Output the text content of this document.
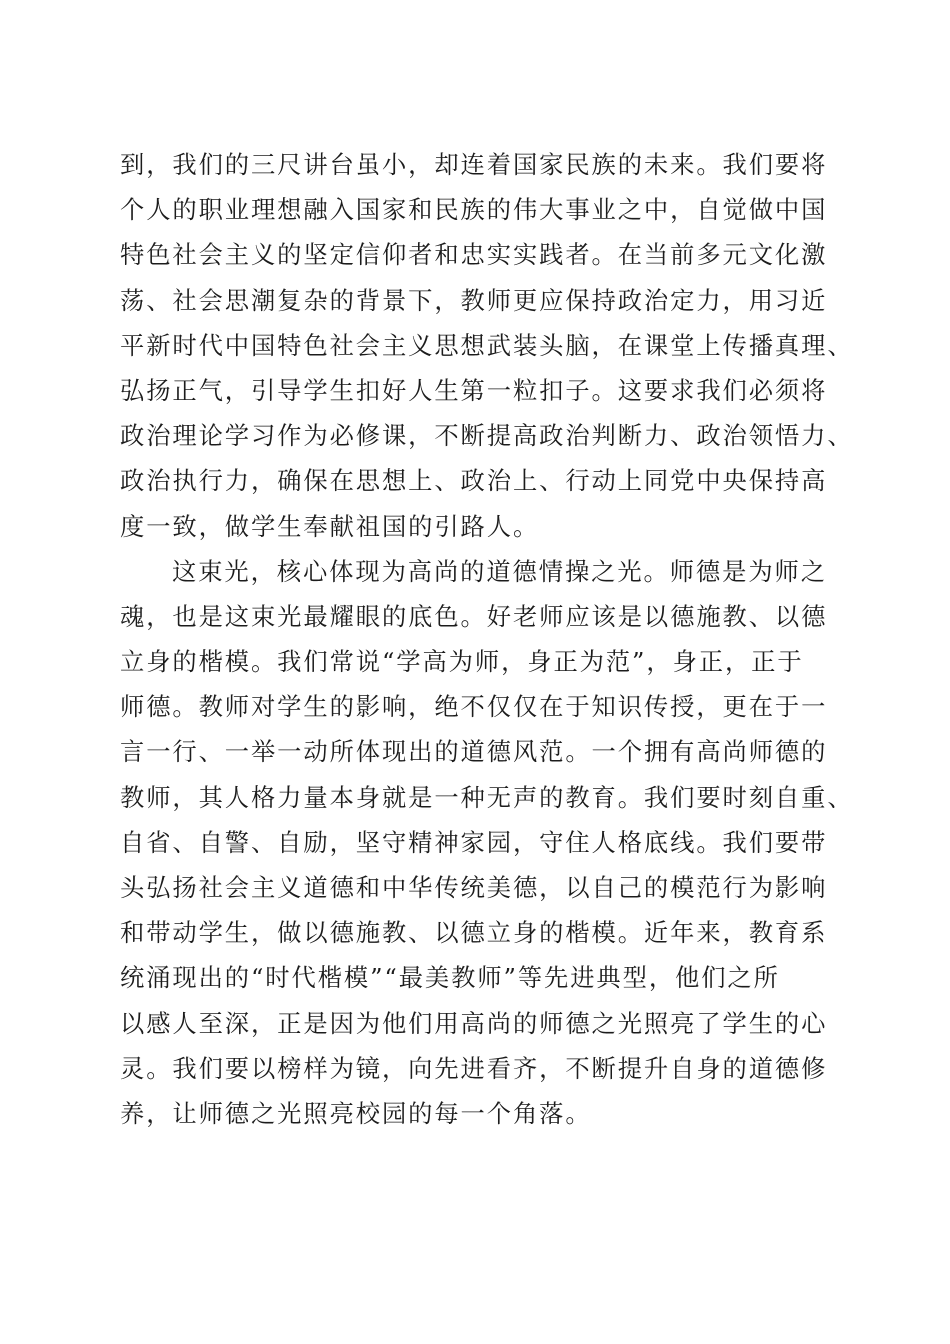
到，我们的三尺讲台虽小，却连着国家民族的未来。我们要将
个人的职业理想融入国家和民族的伟大事业之中，自觉做中国
特色社会主义的坚定信仰者和忠实实践者。在当前多元文化激
荡、社会思潮复杂的背景下，教师更应保持政治定力，用习近
平新时代中国特色社会主义思想武装头脑，在课堂上传播真理、
弘扬正气，引导学生扣好人生第一粒扣子。这要求我们必须将
政治理论学习作为必修课，不断提高政治判断力、政治领悟力、
政治执行力，确保在思想上、政治上、行动上同党中央保持高
度一致，做学生奉献祖国的引路人。
这束光，核心体现为高尚的道德情操之光。师德是为师之
魂，也是这束光最耀眼的底色。好老师应该是以德施教、以德
立身的楷模。我们常说“学高为师，身正为范”，身正，正于
师德。教师对学生的影响，绝不仅仅在于知识传授，更在于一
言一行、一举一动所体现出的道德风范。一个拥有高尚师德的
教师，其人格力量本身就是一种无声的教育。我们要时刻自重、
自省、自警、自励，坚守精神家园，守住人格底线。我们要带
头弘扬社会主义道德和中华传统美德，以自己的模范行为影响
和带动学生，做以德施教、以德立身的楷模。近年来，教育系
统涌现出的“时代楷模”“最美教师”等先进典型，他们之所
以感人至深，正是因为他们用高尚的师德之光照亮了学生的心
灵。我们要以榜样为镜，向先进看齐，不断提升自身的道德修
养，让师德之光照亮校园的每一个角落。
